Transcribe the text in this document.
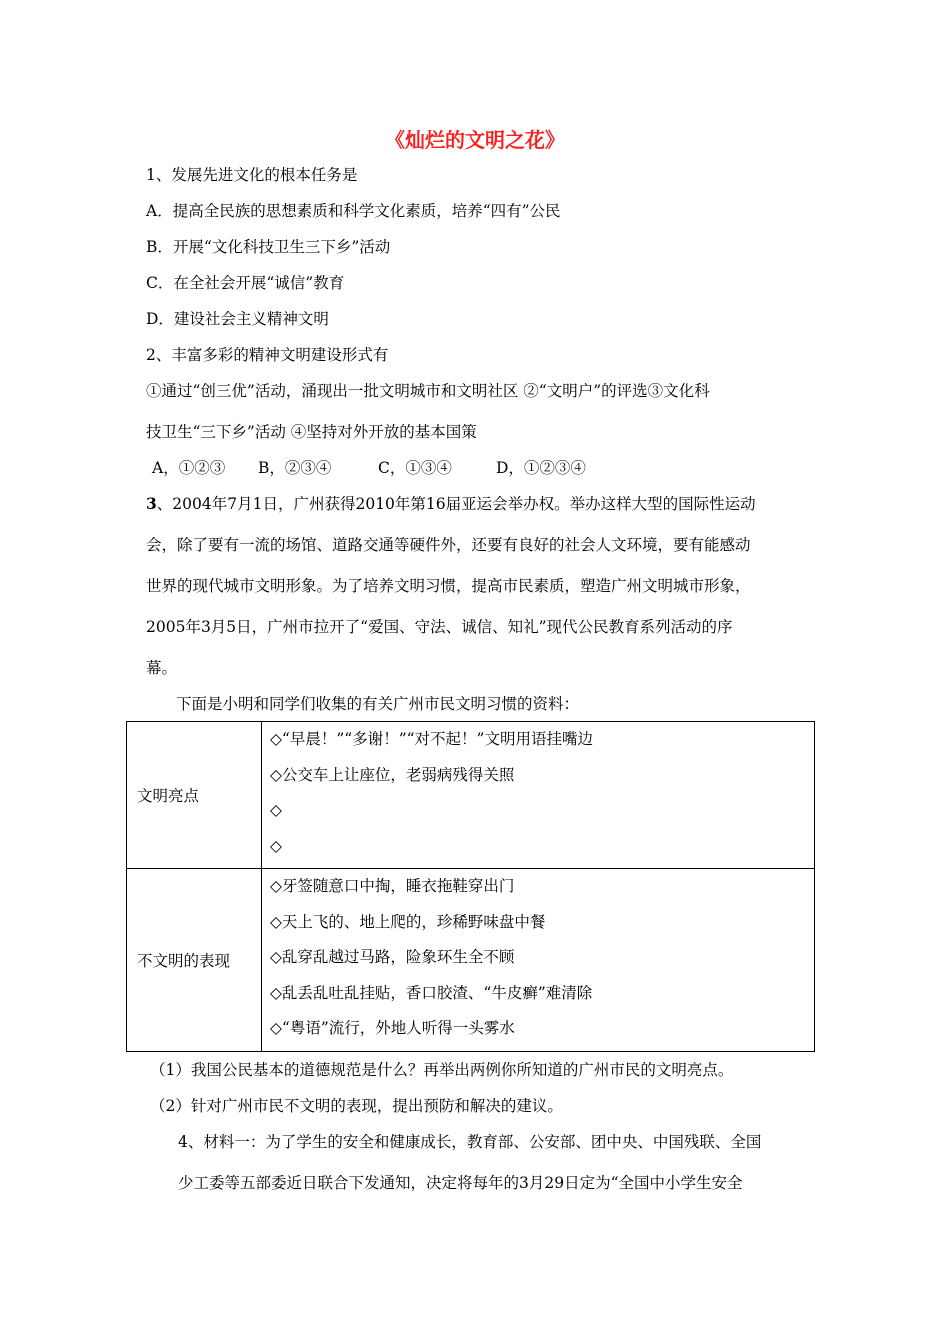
《灿烂的文明之花》
1、发展先进文化的根本任务是
A．提高全民族的思想素质和科学文化素质，培养“四有”公民
B．开展“文化科技卫生三下乡”活动
C．在全社会开展“诚信”教育
D．建设社会主义精神文明
2、丰富多彩的精神文明建设形式有
①通过“创三优”活动，涌现出一批文明城市和文明社区 ②“文明户”的评选③文化科
技卫生“三下乡”活动 ④坚持对外开放的基本国策
A，①②③ B，②③④	C，①③④	D，①②③④
3、2004年7月1日，广州获得2010年第16届亚运会举办权。举办这样大型的国际性运动
会，除了要有一流的场馆、道路交通等硬件外，还要有良好的社会人文环境，要有能感动
世界的现代城市文明形象。为了培养文明习惯，提高市民素质，塑造广州文明城市形象，
2005年3月5日，广州市拉开了“爱国、守法、诚信、知礼”现代公民教育系列活动的序
幕。
下面是小明和同学们收集的有关广州市民文明习惯的资料：
文明亮点	◇“早晨！”“多谢！”“对不起！”文明用语挂嘴边
◇公交车上让座位，老弱病残得关照
◇
◇

不文明的表现	◇牙签随意口中掏，睡衣拖鞋穿出门
◇天上飞的、地上爬的，珍稀野味盘中餐
◇乱穿乱越过马路，险象环生全不顾
◇乱丢乱吐乱挂贴，香口胶渣、“牛皮癣”难清除
◇“粤语”流行，外地人听得一头雾水
（1）我国公民基本的道德规范是什么？再举出两例你所知道的广州市民的文明亮点。
（2）针对广州市民不文明的表现，提出预防和解决的建议。
4、材料一：为了学生的安全和健康成长，教育部、公安部、团中央、中国残联、全国
少工委等五部委近日联合下发通知，决定将每年的3月29日定为“全国中小学生安全
